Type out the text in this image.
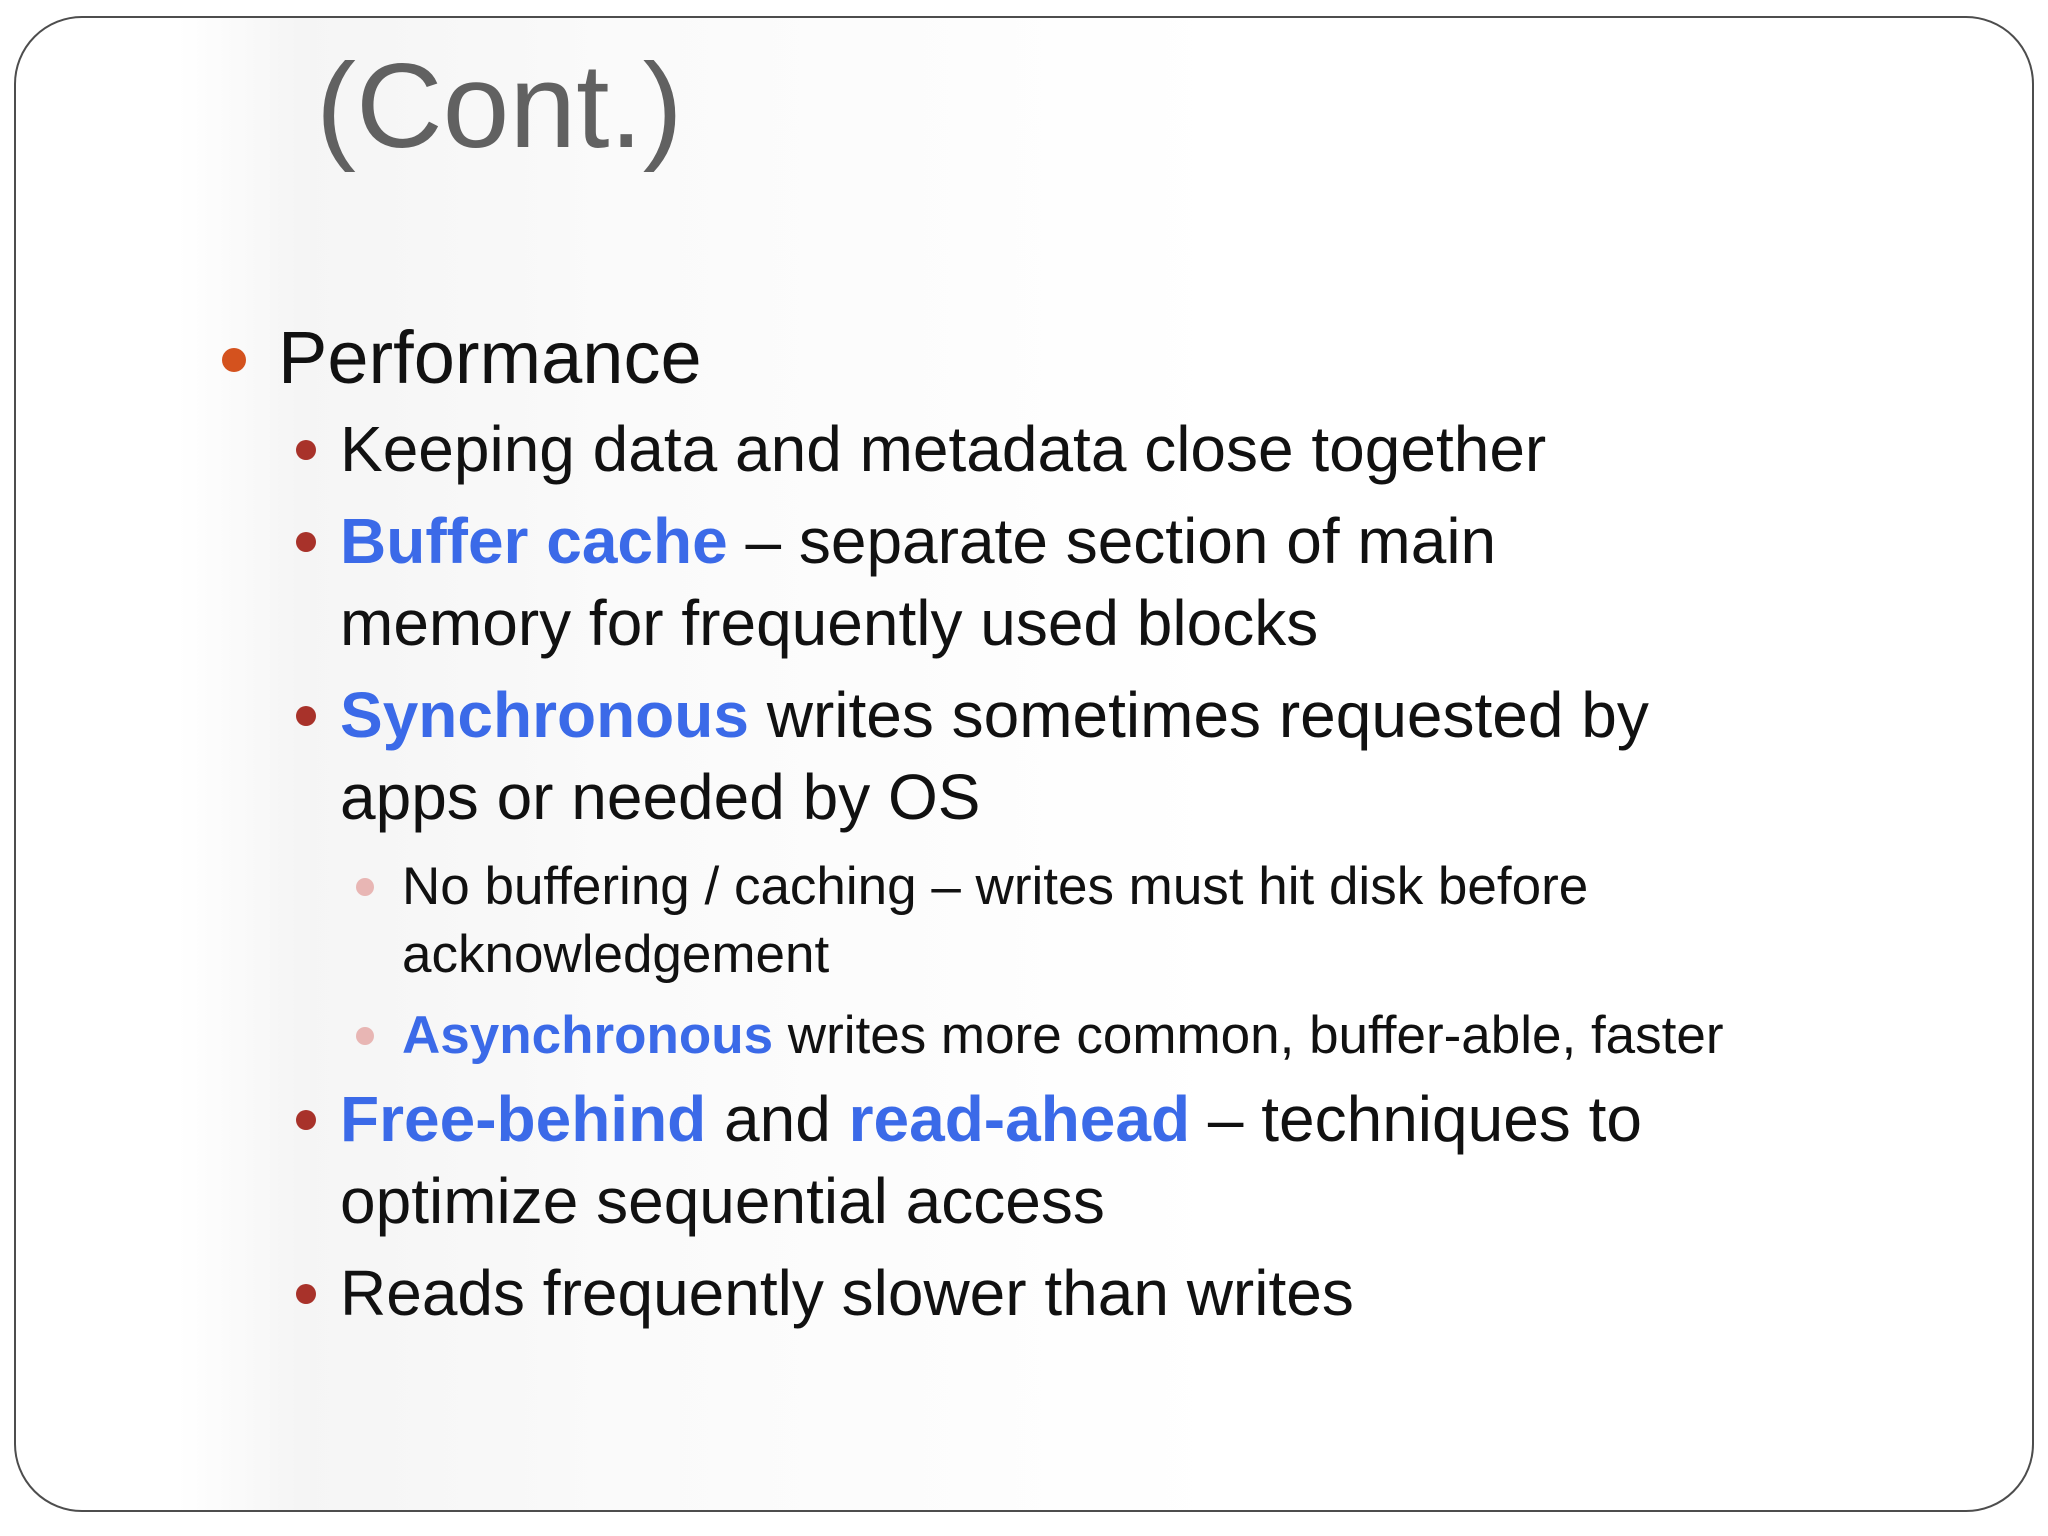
(Cont.)
Performance
Keeping data and metadata close together
Buffer cache – separate section of main
memory for frequently used blocks
Synchronous writes sometimes requested by
apps or needed by OS
No buffering / caching – writes must hit disk before
acknowledgement
Asynchronous writes more common, buffer-able, faster
Free-behind and read-ahead – techniques to
optimize sequential access
Reads frequently slower than writes
